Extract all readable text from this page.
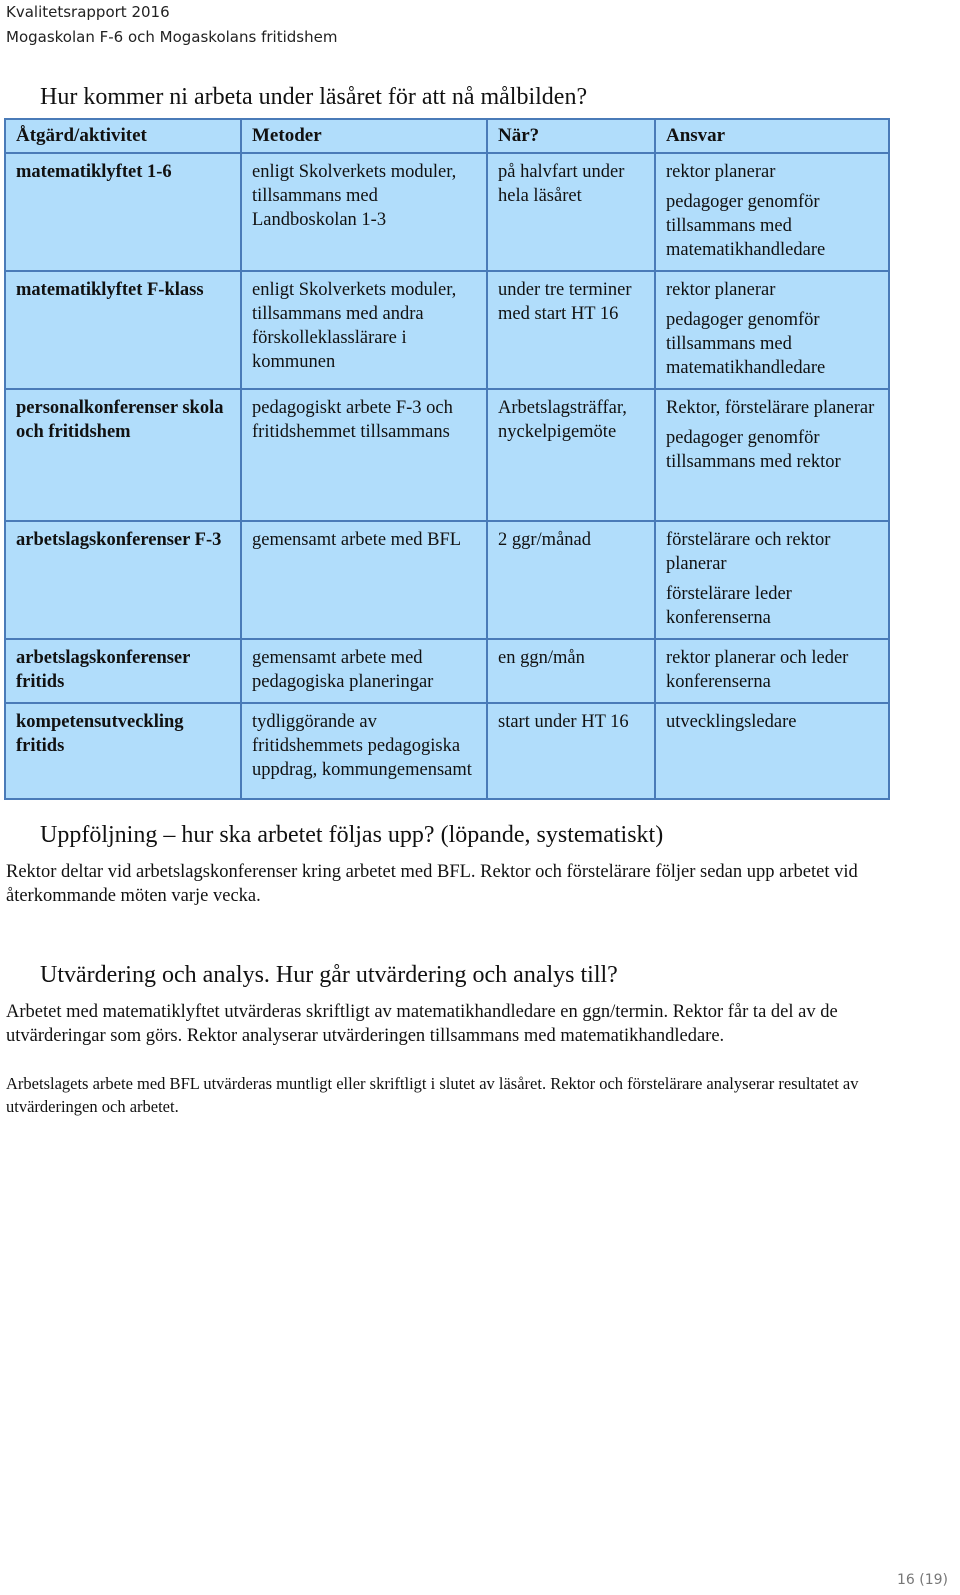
Kvalitetsrapport 2016
Mogaskolan F-6 och Mogaskolans fritidshem
Hur kommer ni arbeta under läsåret för att nå målbilden?
Åtgärd/aktivitet	Metoder	När?	Ansvar
matematiklyftet 1-6	enligt Skolverkets moduler, tillsammans med Landboskolan 1-3	på halvfart under hela läsåret	rektor planerar
pedagoger genomför tillsammans med matematikhandledare

matematiklyftet F-klass	enligt Skolverkets moduler, tillsammans med andra förskolleklasslärare i kommunen	under tre terminer med start HT 16	rektor planerar
pedagoger genomför tillsammans med matematikhandledare

personalkonferenser skola och fritidshem	pedagogiskt arbete F-3 och fritidshemmet tillsammans	Arbetslagsträffar, nyckelpigemöte	Rektor, förstelärare planerar
pedagoger genomför tillsammans med rektor

arbetslagskonferenser F-3	gemensamt arbete med BFL	2 ggr/månad	förstelärare och rektor planerar
förstelärare leder konferenserna

arbetslagskonferenser fritids	gemensamt arbete med pedagogiska planeringar	en ggn/mån	rektor planerar och leder konferenserna
kompetensutveckling fritids	tydliggörande av fritidshemmets pedagogiska uppdrag, kommungemensamt	start under HT 16	utvecklingsledare
Uppföljning – hur ska arbetet följas upp? (löpande, systematiskt)
Rektor deltar vid arbetslagskonferenser kring arbetet med BFL. Rektor och förstelärare följer sedan upp arbetet vid återkommande möten varje vecka.
Utvärdering och analys. Hur går utvärdering och analys till?
Arbetet med matematiklyftet utvärderas skriftligt av matematikhandledare en ggn/termin. Rektor får ta del av de utvärderingar som görs. Rektor analyserar utvärderingen tillsammans med matematikhandledare.
Arbetslagets arbete med BFL utvärderas muntligt eller skriftligt i slutet av läsåret. Rektor och förstelärare analyserar resultatet av utvärderingen och arbetet.
16 (19)
